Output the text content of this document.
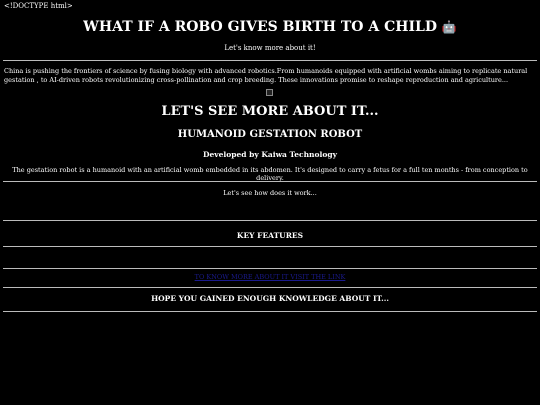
<!DOCTYPE html>
WHAT IF A ROBO GIVES BIRTH TO A CHILD 🤖
Let's know more about it!
China is pushing the frontiers of science by fusing biology with advanced robotics.From humanoids equipped with artificial wombs aiming to replicate natural gestation , to AI-driven robots revolutionizing cross-pollination and crop breeding. These innovations promise to reshape reproduction and agriculture...
LET'S SEE MORE ABOUT IT...
HUMANOID GESTATION ROBOT
Developed by Kaiwa Technology
The gestation robot is a humanoid with an artificial womb embedded in its abdomen. It's designed to carry a fetus for a full ten months - from conception to delivery.
Let's see how does it work...
KEY FEATURES
TO KNOW MORE ABOUT IT VISIT THE LINK
HOPE YOU GAINED ENOUGH KNOWLEDGE ABOUT IT...
